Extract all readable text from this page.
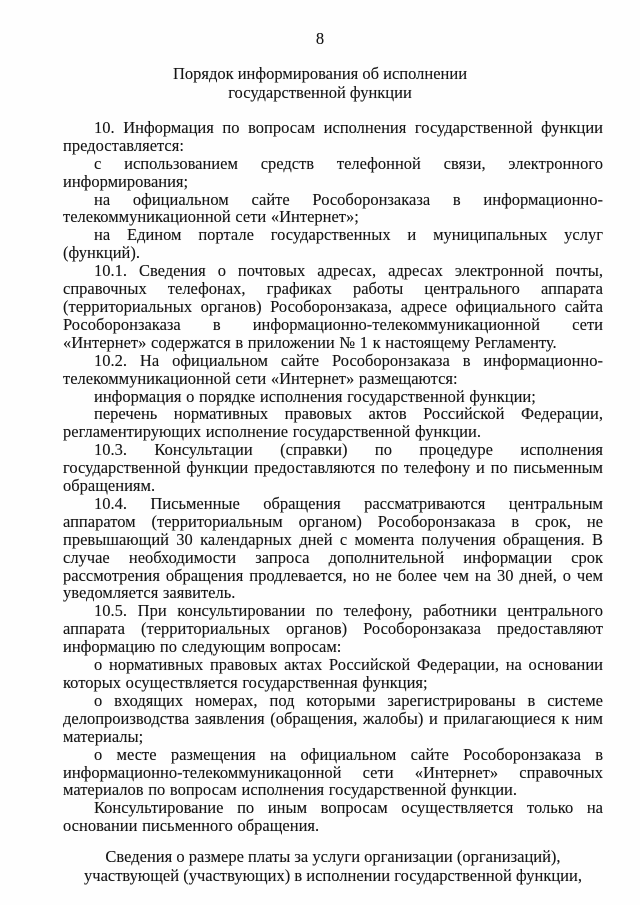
8
Порядок информирования об исполнении
государственной функции

10. Информация по вопросам исполнения государственной функции предоставляется:

с использованием средств телефонной связи, электронного информирования;

на официальном сайте Рособоронзаказа в информационно-телекоммуникационной сети «Интернет»;

на Едином портале государственных и муниципальных услуг (функций).

10.1. Сведения о почтовых адресах, адресах электронной почты, справочных телефонах, графиках работы центрального аппарата (территориальных органов) Рособоронзаказа, адресе официального сайта Рособоронзаказа в информационно-телекоммуникационной сети «Интернет» содержатся в приложении № 1 к настоящему Регламенту.

10.2. На официальном сайте Рособоронзаказа в информационно-телекоммуникационной сети «Интернет» размещаются:

информация о порядке исполнения государственной функции;

перечень нормативных правовых актов Российской Федерации, регламентирующих исполнение государственной функции.

10.3. Консультации (справки) по процедуре исполнения государственной функции предоставляются по телефону и по письменным обращениям.

10.4. Письменные обращения рассматриваются центральным аппаратом (территориальным органом) Рособоронзаказа в срок, не превышающий 30 календарных дней с момента получения обращения. В случае необходимости запроса дополнительной информации срок рассмотрения обращения продлевается, но не более чем на 30 дней, о чем уведомляется заявитель.

10.5. При консультировании по телефону, работники центрального аппарата (территориальных органов) Рособоронзаказа предоставляют информацию по следующим вопросам:

о нормативных правовых актах Российской Федерации, на основании которых осуществляется государственная функция;

о входящих номерах, под которыми зарегистрированы в системе делопроизводства заявления (обращения, жалобы) и прилагающиеся к ним материалы;

о месте размещения на официальном сайте Рособоронзаказа в информационно-телекоммуникацонной сети «Интернет» справочных материалов по вопросам исполнения государственной функции.

Консультирование по иным вопросам осуществляется только на основании письменного обращения.

Сведения о размере платы за услуги организации (организаций),
участвующей (участвующих) в исполнении государственной функции,
